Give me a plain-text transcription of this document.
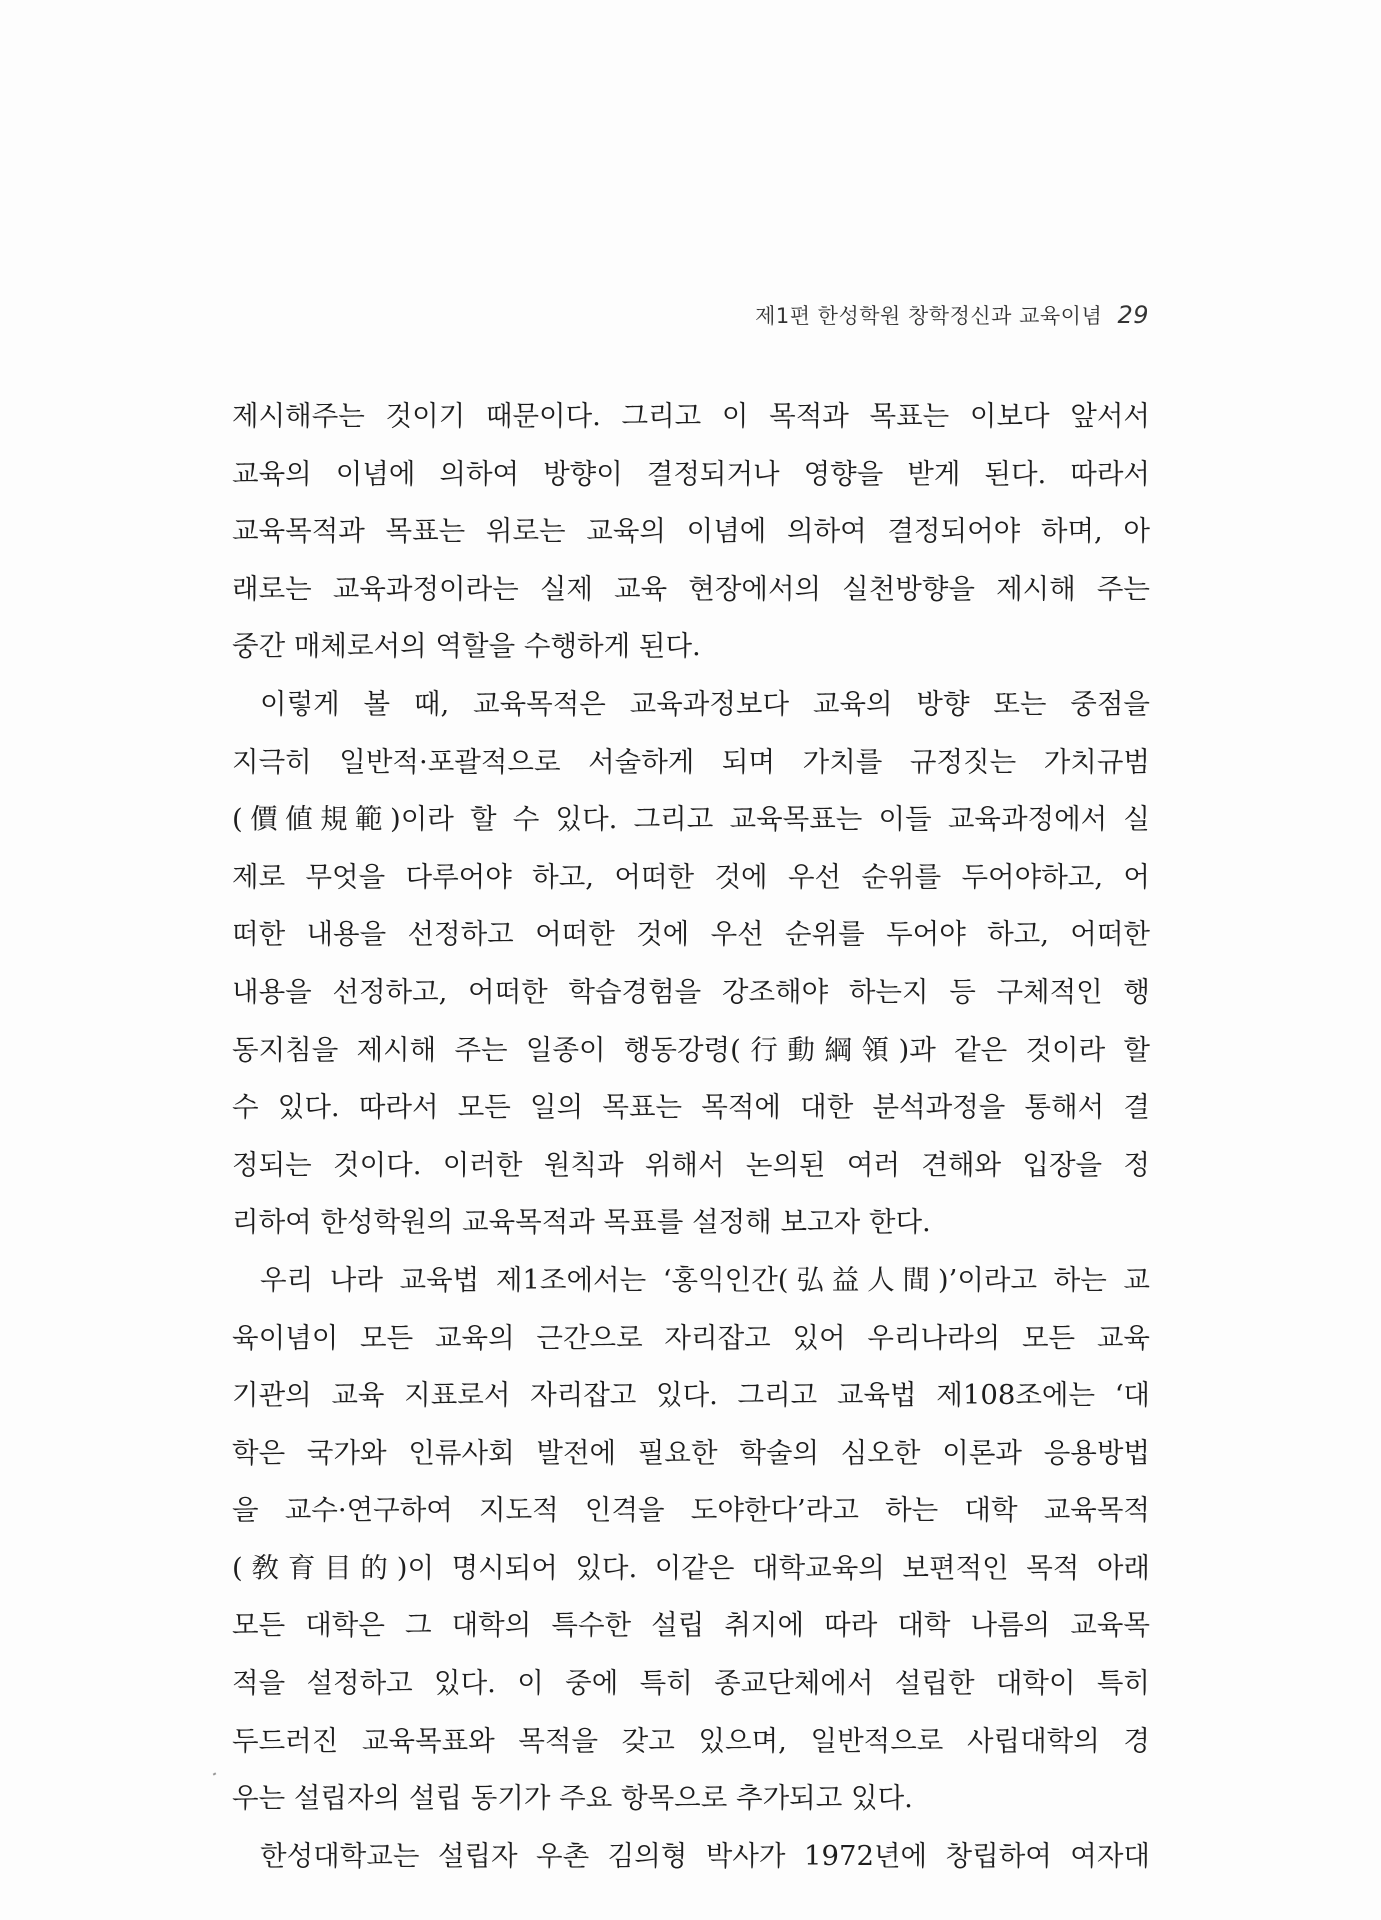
제1편 한성학원 창학정신과 교육이념 29
제시해주는 것이기 때문이다. 그리고 이 목적과 목표는 이보다 앞서서
교육의 이념에 의하여 방향이 결정되거나 영향을 받게 된다. 따라서
교육목적과 목표는 위로는 교육의 이념에 의하여 결정되어야 하며, 아
래로는 교육과정이라는 실제 교육 현장에서의 실천방향을 제시해 주는
중간 매체로서의 역할을 수행하게 된다.
이렇게 볼 때, 교육목적은 교육과정보다 교육의 방향 또는 중점을
지극히 일반적·포괄적으로 서술하게 되며 가치를 규정짓는 가치규범
(價値規範)이라 할 수 있다. 그리고 교육목표는 이들 교육과정에서 실
제로 무엇을 다루어야 하고, 어떠한 것에 우선 순위를 두어야하고, 어
떠한 내용을 선정하고 어떠한 것에 우선 순위를 두어야 하고, 어떠한
내용을 선정하고, 어떠한 학습경험을 강조해야 하는지 등 구체적인 행
동지침을 제시해 주는 일종이 행동강령(行動綱領)과 같은 것이라 할
수 있다. 따라서 모든 일의 목표는 목적에 대한 분석과정을 통해서 결
정되는 것이다. 이러한 원칙과 위해서 논의된 여러 견해와 입장을 정
리하여 한성학원의 교육목적과 목표를 설정해 보고자 한다.
우리 나라 교육법 제1조에서는 ‘홍익인간(弘益人間)’이라고 하는 교
육이념이 모든 교육의 근간으로 자리잡고 있어 우리나라의 모든 교육
기관의 교육 지표로서 자리잡고 있다. 그리고 교육법 제108조에는 ‘대
학은 국가와 인류사회 발전에 필요한 학술의 심오한 이론과 응용방법
을 교수·연구하여 지도적 인격을 도야한다’라고 하는 대학 교육목적
(敎育目的)이 명시되어 있다. 이같은 대학교육의 보편적인 목적 아래
모든 대학은 그 대학의 특수한 설립 취지에 따라 대학 나름의 교육목
적을 설정하고 있다. 이 중에 특히 종교단체에서 설립한 대학이 특히
두드러진 교육목표와 목적을 갖고 있으며, 일반적으로 사립대학의 경
우는 설립자의 설립 동기가 주요 항목으로 추가되고 있다.
한성대학교는 설립자 우촌 김의형 박사가 1972년에 창립하여 여자대
